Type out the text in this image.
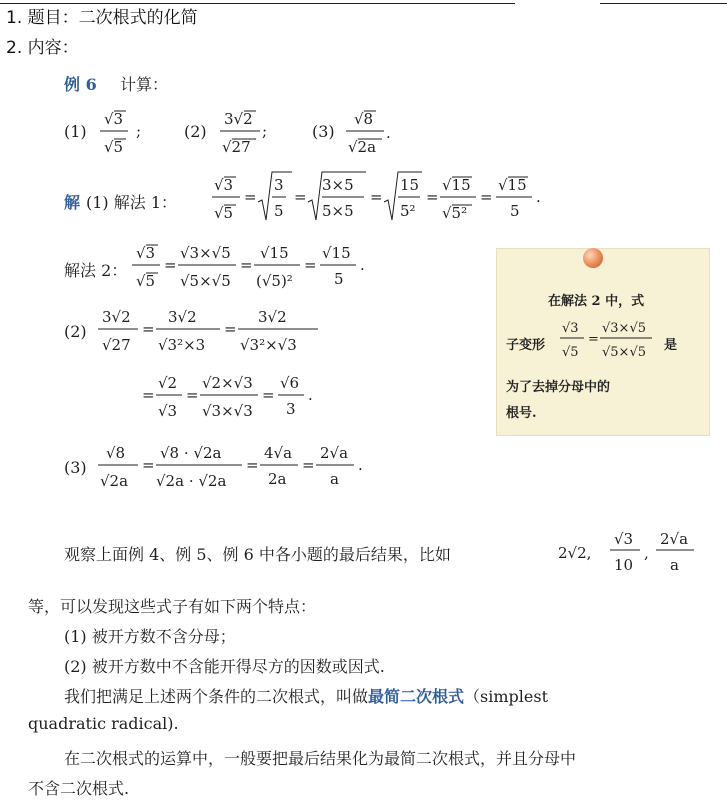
1. 题目：二次根式的化简
2. 内容：
例 6 计算：
(1)
√3
√5
;	(2)
3√2
√27
;	(3)
√8
√2a
.
解 (1) 解法 1：
√3
√5
=
3
5
=
3×5
5×5
=
15
5²
=
√15
√5²
=
√15
5
.
解法 2：
√3
√5
=
√3×√5
√5×√5
=
√15
(√5)²
=
√15
5
.
在解法 2 中，式
子变形
√3
√5
=
√3×√5
√5×√5 是
为了去掉分母中的
根号.
(2)
3√2
√27
=
3√2
√3²×3
=
3√2
√3²×√3
=
√2
√3
=
√2×√3
√3×√3
=
√6
3
.
(3)
√8
√2a
=
√8 · √2a
√2a · √2a
=
4√a
2a
=
2√a
a
.
观察上面例 4、例 5、例 6 中各小题的最后结果，比如	2√2,
√3
10
,
2√a
a
等，可以发现这些式子有如下两个特点：
(1) 被开方数不含分母；
(2) 被开方数中不含能开得尽方的因数或因式.
我们把满足上述两个条件的二次根式，叫做最简二次根式（simplest
quadratic radical).
在二次根式的运算中，一般要把最后结果化为最简二次根式，并且分母中
不含二次根式.
